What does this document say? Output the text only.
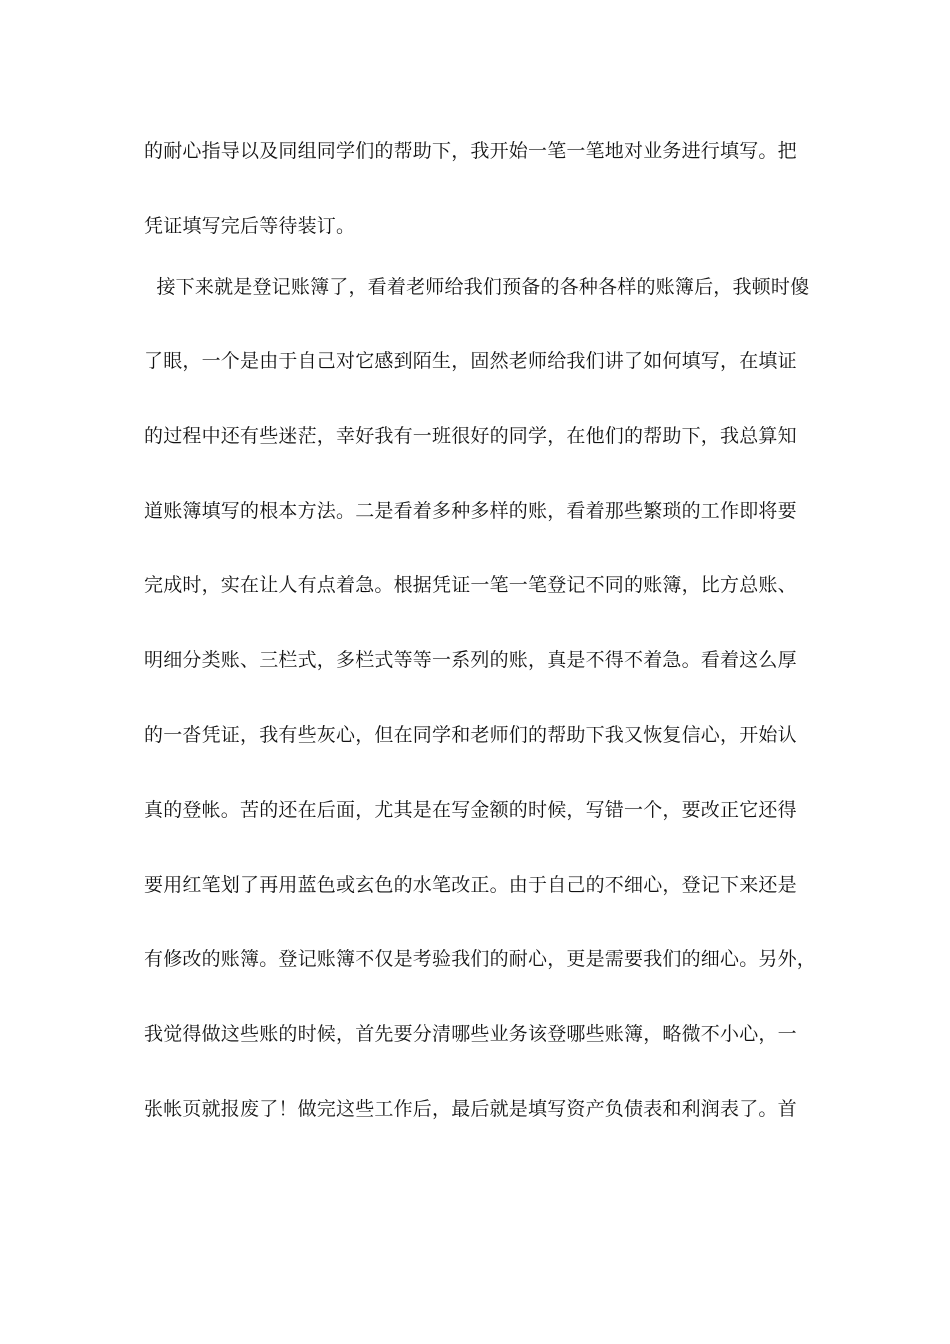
的耐心指导以及同组同学们的帮助下，我开始一笔一笔地对业务进行填写。把
凭证填写完后等待装订。
接下来就是登记账簿了，看着老师给我们预备的各种各样的账簿后，我顿时傻
了眼，一个是由于自己对它感到陌生，固然老师给我们讲了如何填写，在填证
的过程中还有些迷茫，幸好我有一班很好的同学，在他们的帮助下，我总算知
道账簿填写的根本方法。二是看着多种多样的账，看着那些繁琐的工作即将要
完成时，实在让人有点着急。根据凭证一笔一笔登记不同的账簿，比方总账、
明细分类账、三栏式，多栏式等等一系列的账，真是不得不着急。看着这么厚
的一沓凭证，我有些灰心，但在同学和老师们的帮助下我又恢复信心，开始认
真的登帐。苦的还在后面，尤其是在写金额的时候，写错一个，要改正它还得
要用红笔划了再用蓝色或玄色的水笔改正。由于自己的不细心，登记下来还是
有修改的账簿。登记账簿不仅是考验我们的耐心，更是需要我们的细心。另外，
我觉得做这些账的时候，首先要分清哪些业务该登哪些账簿，略微不小心，一
张帐页就报废了！做完这些工作后，最后就是填写资产负债表和利润表了。首
